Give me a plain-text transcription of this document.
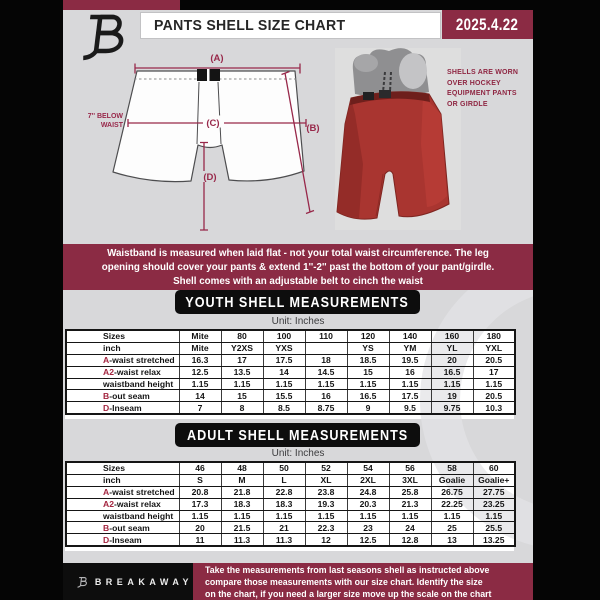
PANTS SHELL SIZE CHART	2025.4.22
(A)
(C)	(B)
(D)
7'' BELOW
WAIST
SHELLS ARE WORN
OVER HOCKEY
EQUIPMENT PANTS
OR GIRDLE
Waistband is measured when laid flat - not your total waist circumference. The leg
opening should cover your pants & extend 1''-2'' past the bottom of your pant/girdle.
Shell comes with an adjustable belt to cinch the waist
YOUTH SHELL MEASUREMENTS
Unit: Inches
Sizes	Mite	80	100	110	120	140	160	180
inch	Mite	Y2XS	YXS		YS	YM	YL	YXL
A-waist stretched	16.3	17	17.5	18	18.5	19.5	20	20.5
A2-waist relax	12.5	13.5	14	14.5	15	16	16.5	17
waistband height	1.15	1.15	1.15	1.15	1.15	1.15	1.15	1.15
B-out seam	14	15	15.5	16	16.5	17.5	19	20.5
D-Inseam	7	8	8.5	8.75	9	9.5	9.75	10.3
ADULT SHELL MEASUREMENTS
Unit: Inches
Sizes	46	48	50	52	54	56	58	60
inch	S	M	L	XL	2XL	3XL	Goalie	Goalie+
A-waist stretched	20.8	21.8	22.8	23.8	24.8	25.8	26.75	27.75
A2-waist relax	17.3	18.3	18.3	19.3	20.3	21.3	22.25	23.25
waistband height	1.15	1.15	1.15	1.15	1.15	1.15	1.15	1.15
B-out seam	20	21.5	21	22.3	23	24	25	25.5
D-Inseam	11	11.3	11.3	12	12.5	12.8	13	13.25
BREAKAWAY
Take the measurements from last seasons shell as instructed above
compare those measurements with our size chart. Identify the size
on the chart, if you need a larger size move up the scale on the chart
